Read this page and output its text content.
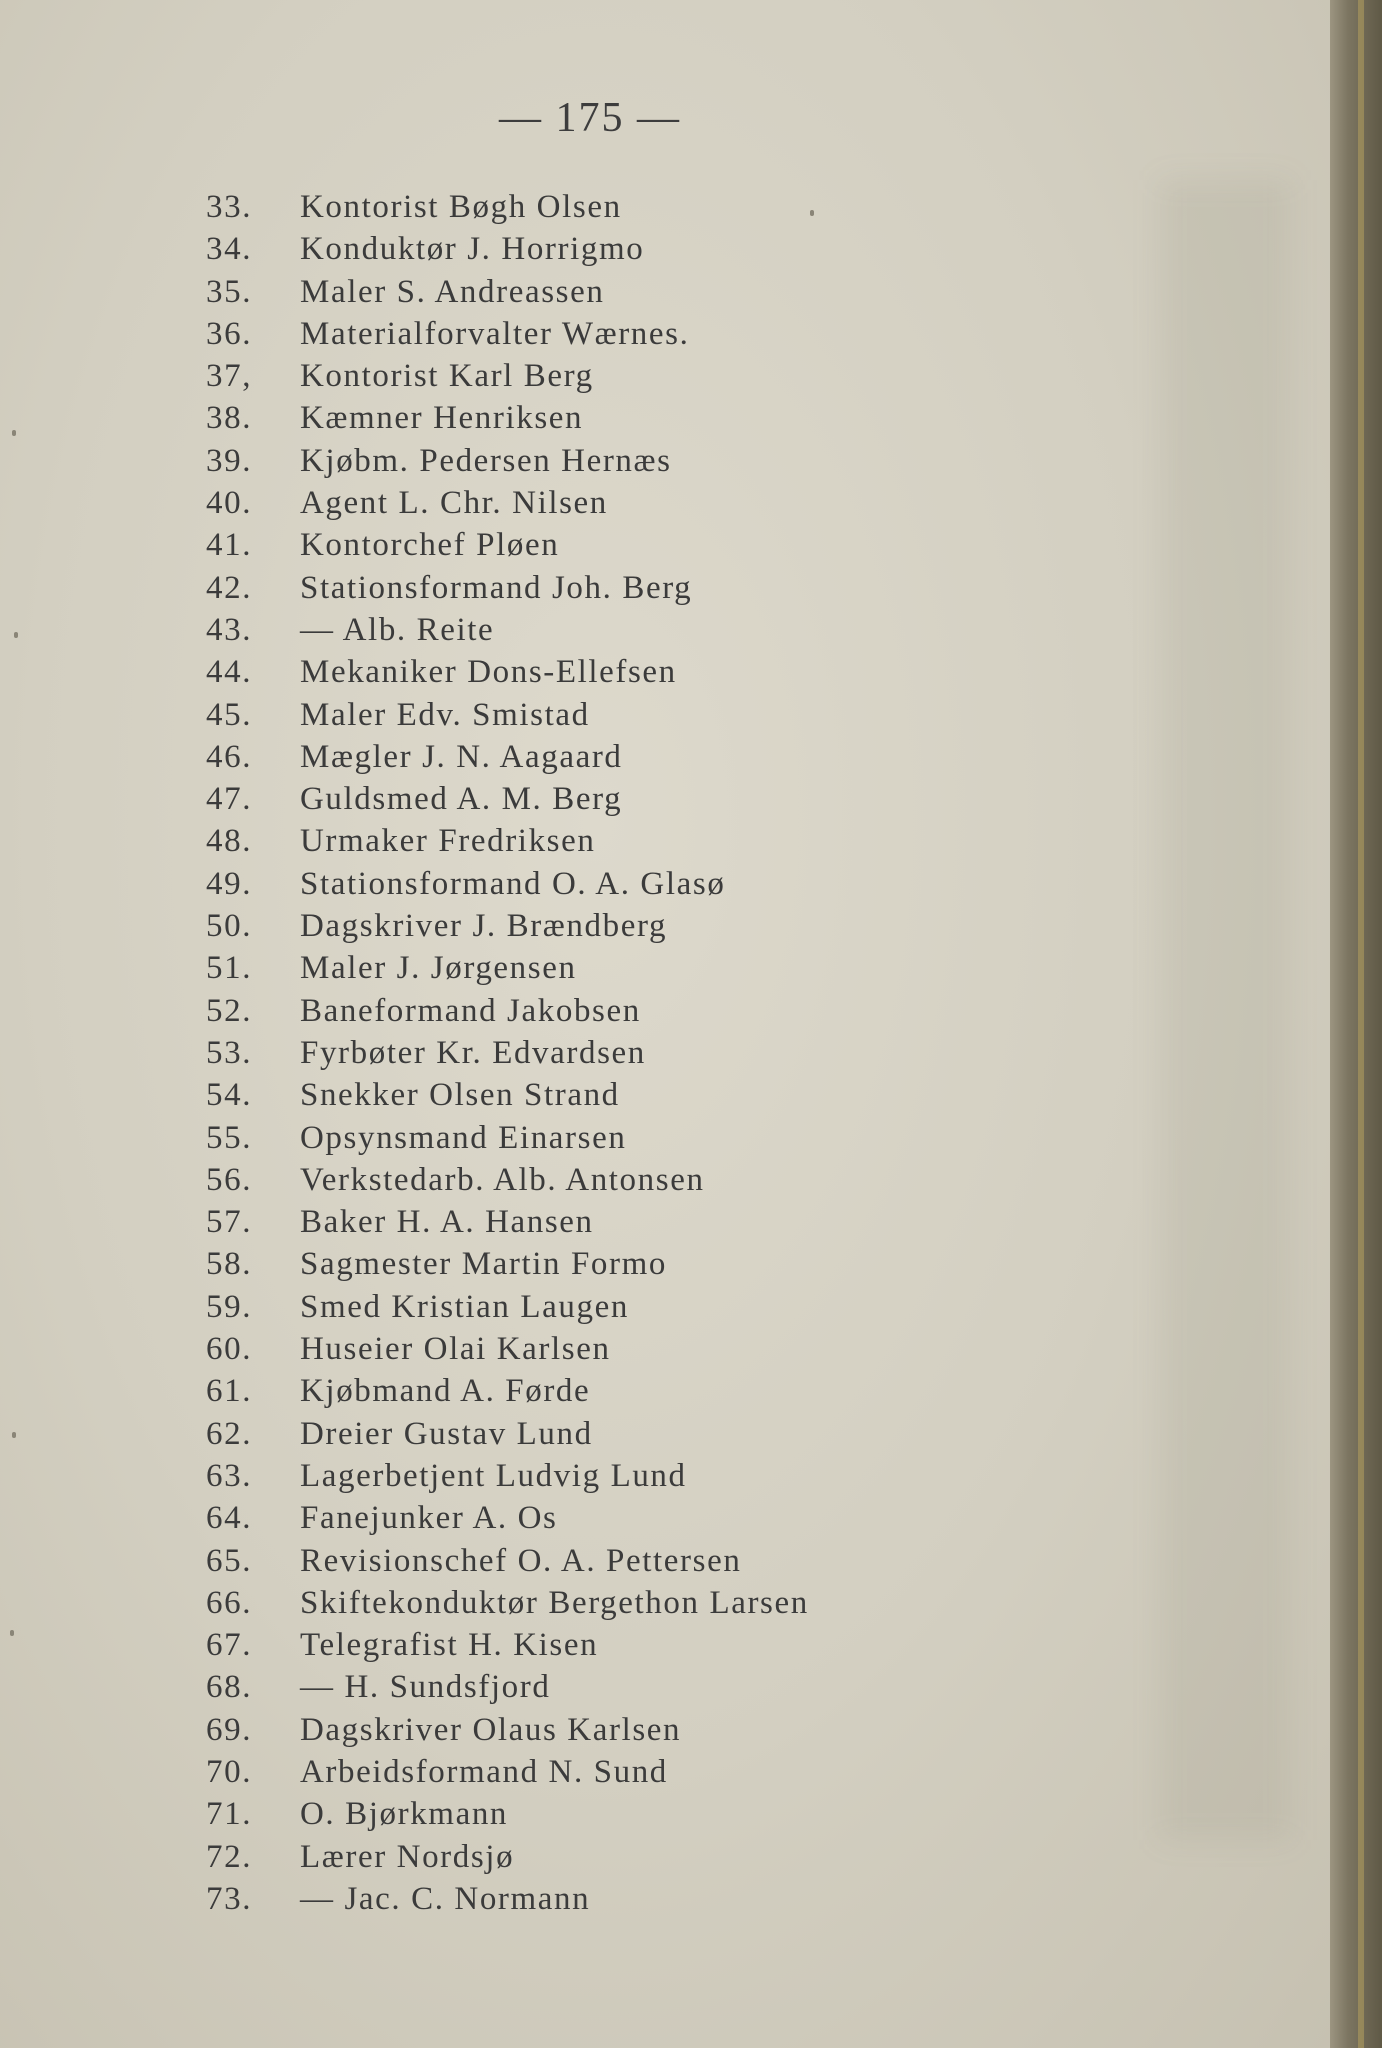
— 175 —
33. Kontorist Bøgh Olsen
34. Konduktør J. Horrigmo
35. Maler S. Andreassen
36. Materialforvalter Wærnes.
37, Kontorist Karl Berg
38. Kæmner Henriksen
39. Kjøbm. Pedersen Hernæs
40. Agent L. Chr. Nilsen
41. Kontorchef Pløen
42. Stationsformand Joh. Berg
43. — Alb. Reite
44. Mekaniker Dons-Ellefsen
45. Maler Edv. Smistad
46. Mægler J. N. Aagaard
47. Guldsmed A. M. Berg
48. Urmaker Fredriksen
49. Stationsformand O. A. Glasø
50. Dagskriver J. Brændberg
51. Maler J. Jørgensen
52. Baneformand Jakobsen
53. Fyrbøter Kr. Edvardsen
54. Snekker Olsen Strand
55. Opsynsmand Einarsen
56. Verkstedarb. Alb. Antonsen
57. Baker H. A. Hansen
58. Sagmester Martin Formo
59. Smed Kristian Laugen
60. Huseier Olai Karlsen
61. Kjøbmand A. Førde
62. Dreier Gustav Lund
63. Lagerbetjent Ludvig Lund
64. Fanejunker A. Os
65. Revisionschef O. A. Pettersen
66. Skiftekonduktør Bergethon Larsen
67. Telegrafist H. Kisen
68. — H. Sundsfjord
69. Dagskriver Olaus Karlsen
70. Arbeidsformand N. Sund
71. O. Bjørkmann
72. Lærer Nordsjø
73. — Jac. C. Normann
